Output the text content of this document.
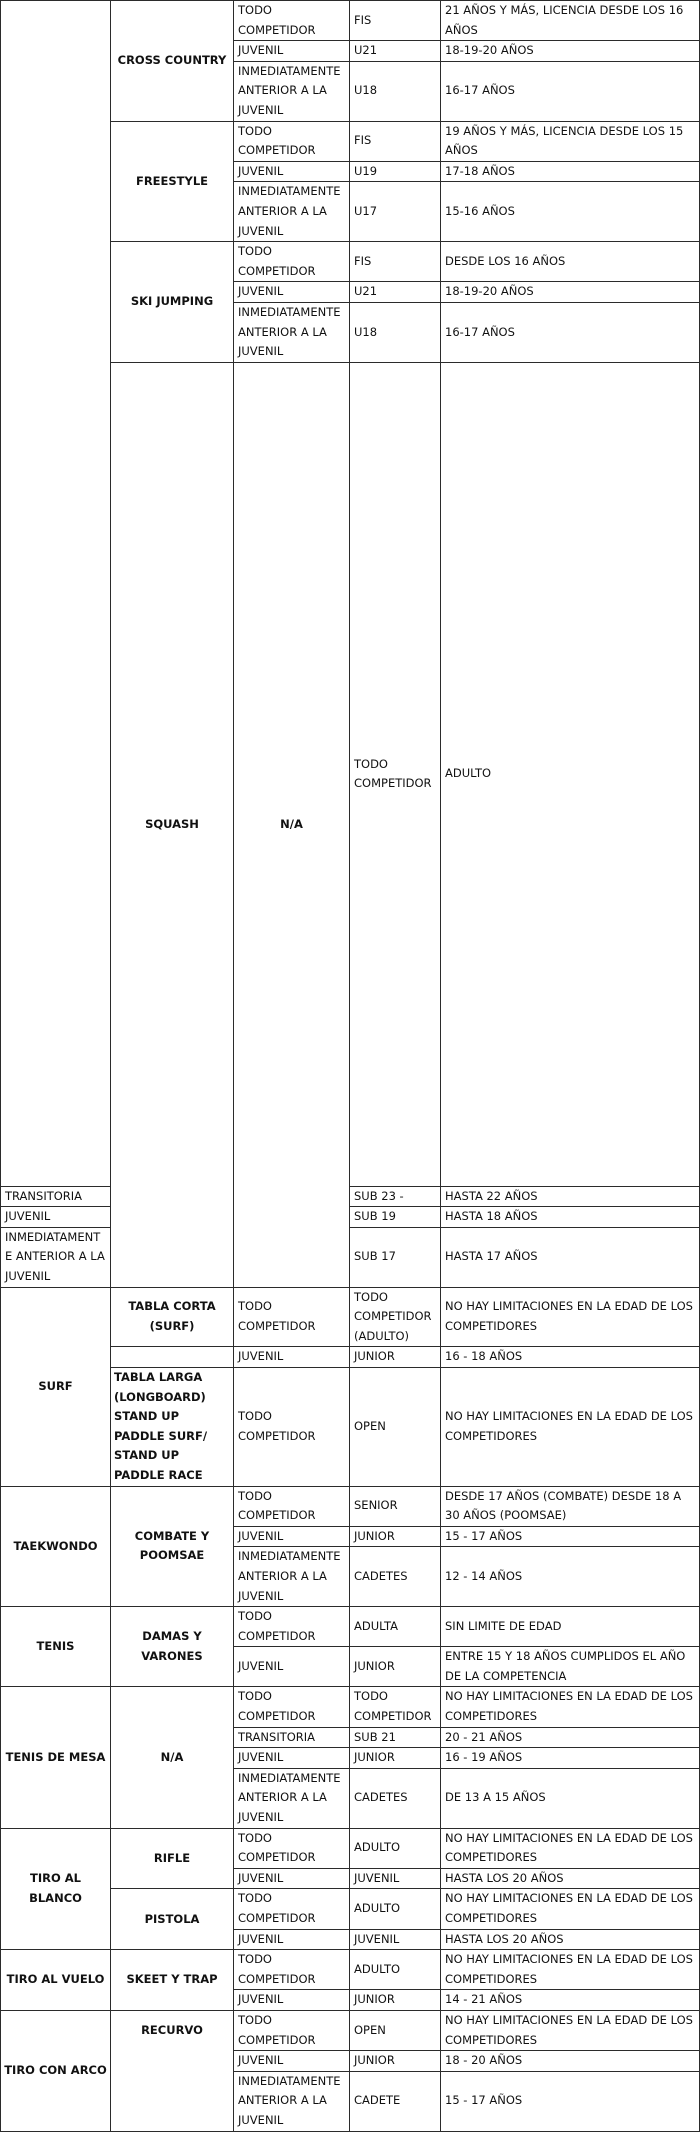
	CROSS COUNTRY	TODO COMPETIDOR	FIS	21 AÑOS Y MÁS, LICENCIA DESDE LOS 16 AÑOS	
		JUVENIL	U21	18-19-20 AÑOS	
		INMEDIATAMENTE ANTERIOR A LA JUVENIL	U18	16-17 AÑOS	
	FREESTYLE	TODO COMPETIDOR	FIS	19 AÑOS Y MÁS, LICENCIA DESDE LOS 15 AÑOS	
		JUVENIL	U19	17-18 AÑOS	
		INMEDIATAMENTE ANTERIOR A LA JUVENIL	U17	15-16 AÑOS	
	SKI JUMPING	TODO COMPETIDOR	FIS	DESDE LOS 16 AÑOS	
		JUVENIL	U21	18-19-20 AÑOS	
		INMEDIATAMENTE ANTERIOR A LA JUVENIL	U18	16-17 AÑOS	
	SQUASH	N/A	TODO COMPETIDOR	ADULTO	
TRANSITORIA			SUB 23 -	HASTA 22 AÑOS	
JUVENIL			SUB 19	HASTA 18 AÑOS	
INMEDIATAMENTE ANTERIOR A LA JUVENIL			SUB 17	HASTA 17 AÑOS	
SURF	TABLA CORTA (SURF)	TODO COMPETIDOR	TODO COMPETIDOR (ADULTO)	NO HAY LIMITACIONES EN LA EDAD DE LOS COMPETIDORES	
		JUVENIL	JUNIOR	16 - 18 AÑOS	
	TABLA LARGA (LONGBOARD) STAND UP PADDLE SURF/ STAND UP PADDLE RACE	TODO COMPETIDOR	OPEN	NO HAY LIMITACIONES EN LA EDAD DE LOS COMPETIDORES	
TAEKWONDO	COMBATE Y POOMSAE	TODO COMPETIDOR	SENIOR	DESDE 17 AÑOS (COMBATE) DESDE 18 A 30 AÑOS (POOMSAE)	
		JUVENIL	JUNIOR	15 - 17 AÑOS	
		INMEDIATAMENTE ANTERIOR A LA JUVENIL	CADETES	12 - 14 AÑOS	
TENIS	DAMAS Y VARONES	TODO COMPETIDOR	ADULTA	SIN LIMITE DE EDAD	
		JUVENIL	JUNIOR	ENTRE 15 Y 18 AÑOS CUMPLIDOS EL AÑO DE LA COMPETENCIA	
TENIS DE MESA	N/A	TODO COMPETIDOR	TODO COMPETIDOR	NO HAY LIMITACIONES EN LA EDAD DE LOS COMPETIDORES	
		TRANSITORIA	SUB 21	20 - 21 AÑOS	
		JUVENIL	JUNIOR	16 - 19 AÑOS	
		INMEDIATAMENTE ANTERIOR A LA JUVENIL	CADETES	DE 13 A 15 AÑOS	
TIRO AL BLANCO	RIFLE	TODO COMPETIDOR	ADULTO	NO HAY LIMITACIONES EN LA EDAD DE LOS COMPETIDORES	
		JUVENIL	JUVENIL	HASTA LOS 20 AÑOS	
	PISTOLA	TODO COMPETIDOR	ADULTO	NO HAY LIMITACIONES EN LA EDAD DE LOS COMPETIDORES	
		JUVENIL	JUVENIL	HASTA LOS 20 AÑOS	
TIRO AL VUELO	SKEET Y TRAP	TODO COMPETIDOR	ADULTO	NO HAY LIMITACIONES EN LA EDAD DE LOS COMPETIDORES	
		JUVENIL	JUNIOR	14 - 21 AÑOS	
TIRO CON ARCO	RECURVO	TODO COMPETIDOR	OPEN	NO HAY LIMITACIONES EN LA EDAD DE LOS COMPETIDORES	
		JUVENIL	JUNIOR	18 - 20 AÑOS	
		INMEDIATAMENTE ANTERIOR A LA JUVENIL	CADETE	15 - 17 AÑOS	
